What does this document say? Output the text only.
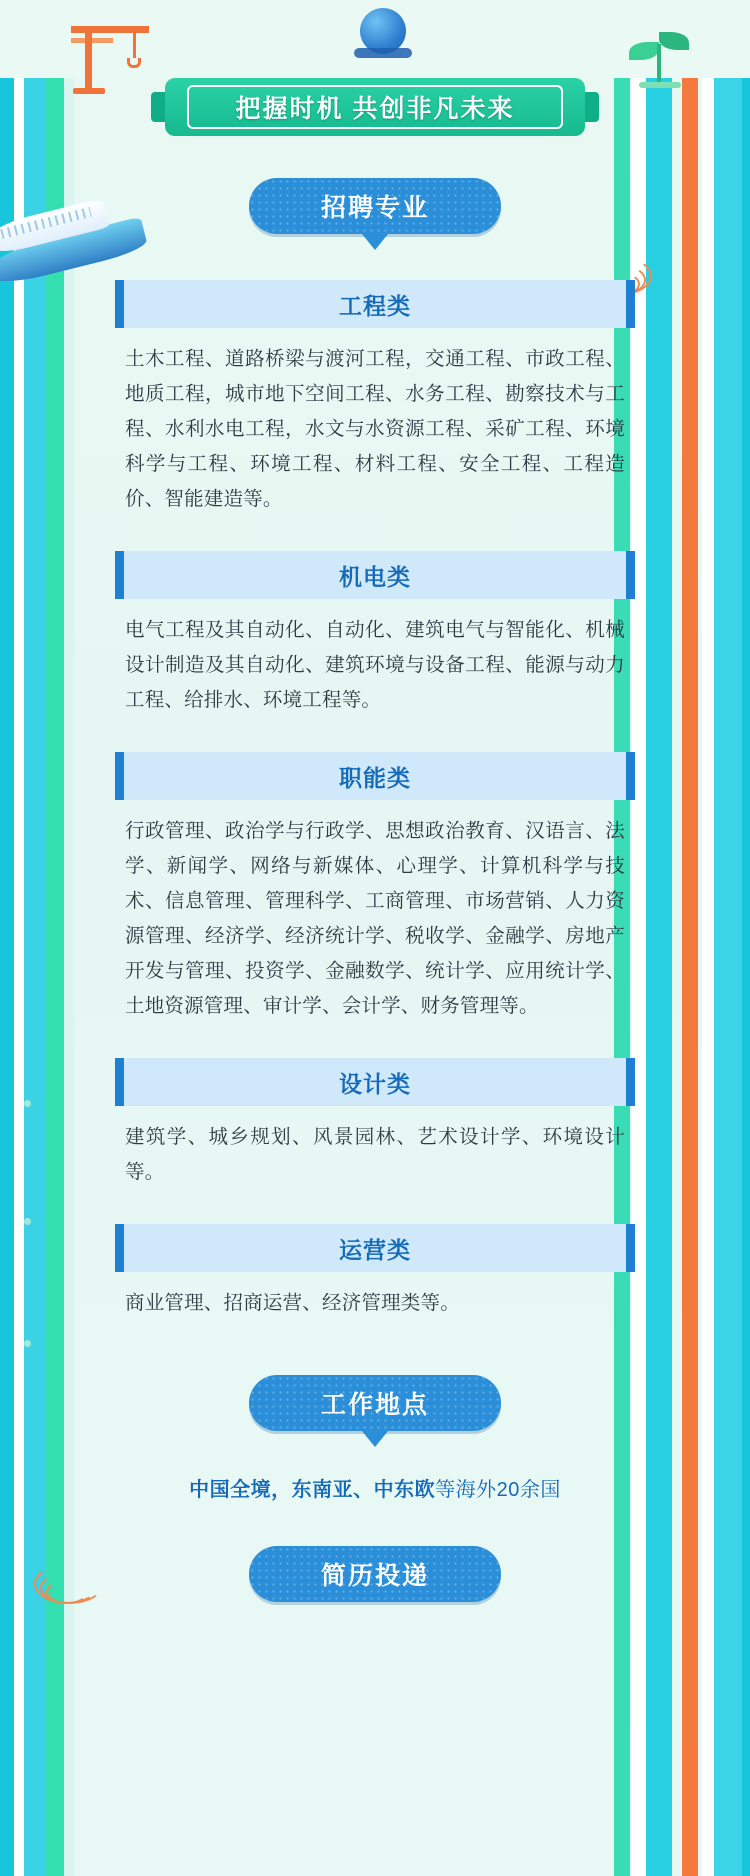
把握时机 共创非凡未来
招聘专业
工程类
土木工程、道路桥梁与渡河工程，交通工程、市政工程、地质工程，城市地下空间工程、水务工程、勘察技术与工程、水利水电工程，水文与水资源工程、采矿工程、环境科学与工程、环境工程、材料工程、安全工程、工程造价、智能建造等。
机电类
电气工程及其自动化、自动化、建筑电气与智能化、机械设计制造及其自动化、建筑环境与设备工程、能源与动力工程、给排水、环境工程等。
职能类
行政管理、政治学与行政学、思想政治教育、汉语言、法学、新闻学、网络与新媒体、心理学、计算机科学与技术、信息管理、管理科学、工商管理、市场营销、人力资源管理、经济学、经济统计学、税收学、金融学、房地产开发与管理、投资学、金融数学、统计学、应用统计学、土地资源管理、审计学、会计学、财务管理等。
设计类
建筑学、城乡规划、风景园林、艺术设计学、环境设计等。
运营类
商业管理、招商运营、经济管理类等。
工作地点
中国全境，东南亚、中东欧等海外20余国
简历投递
